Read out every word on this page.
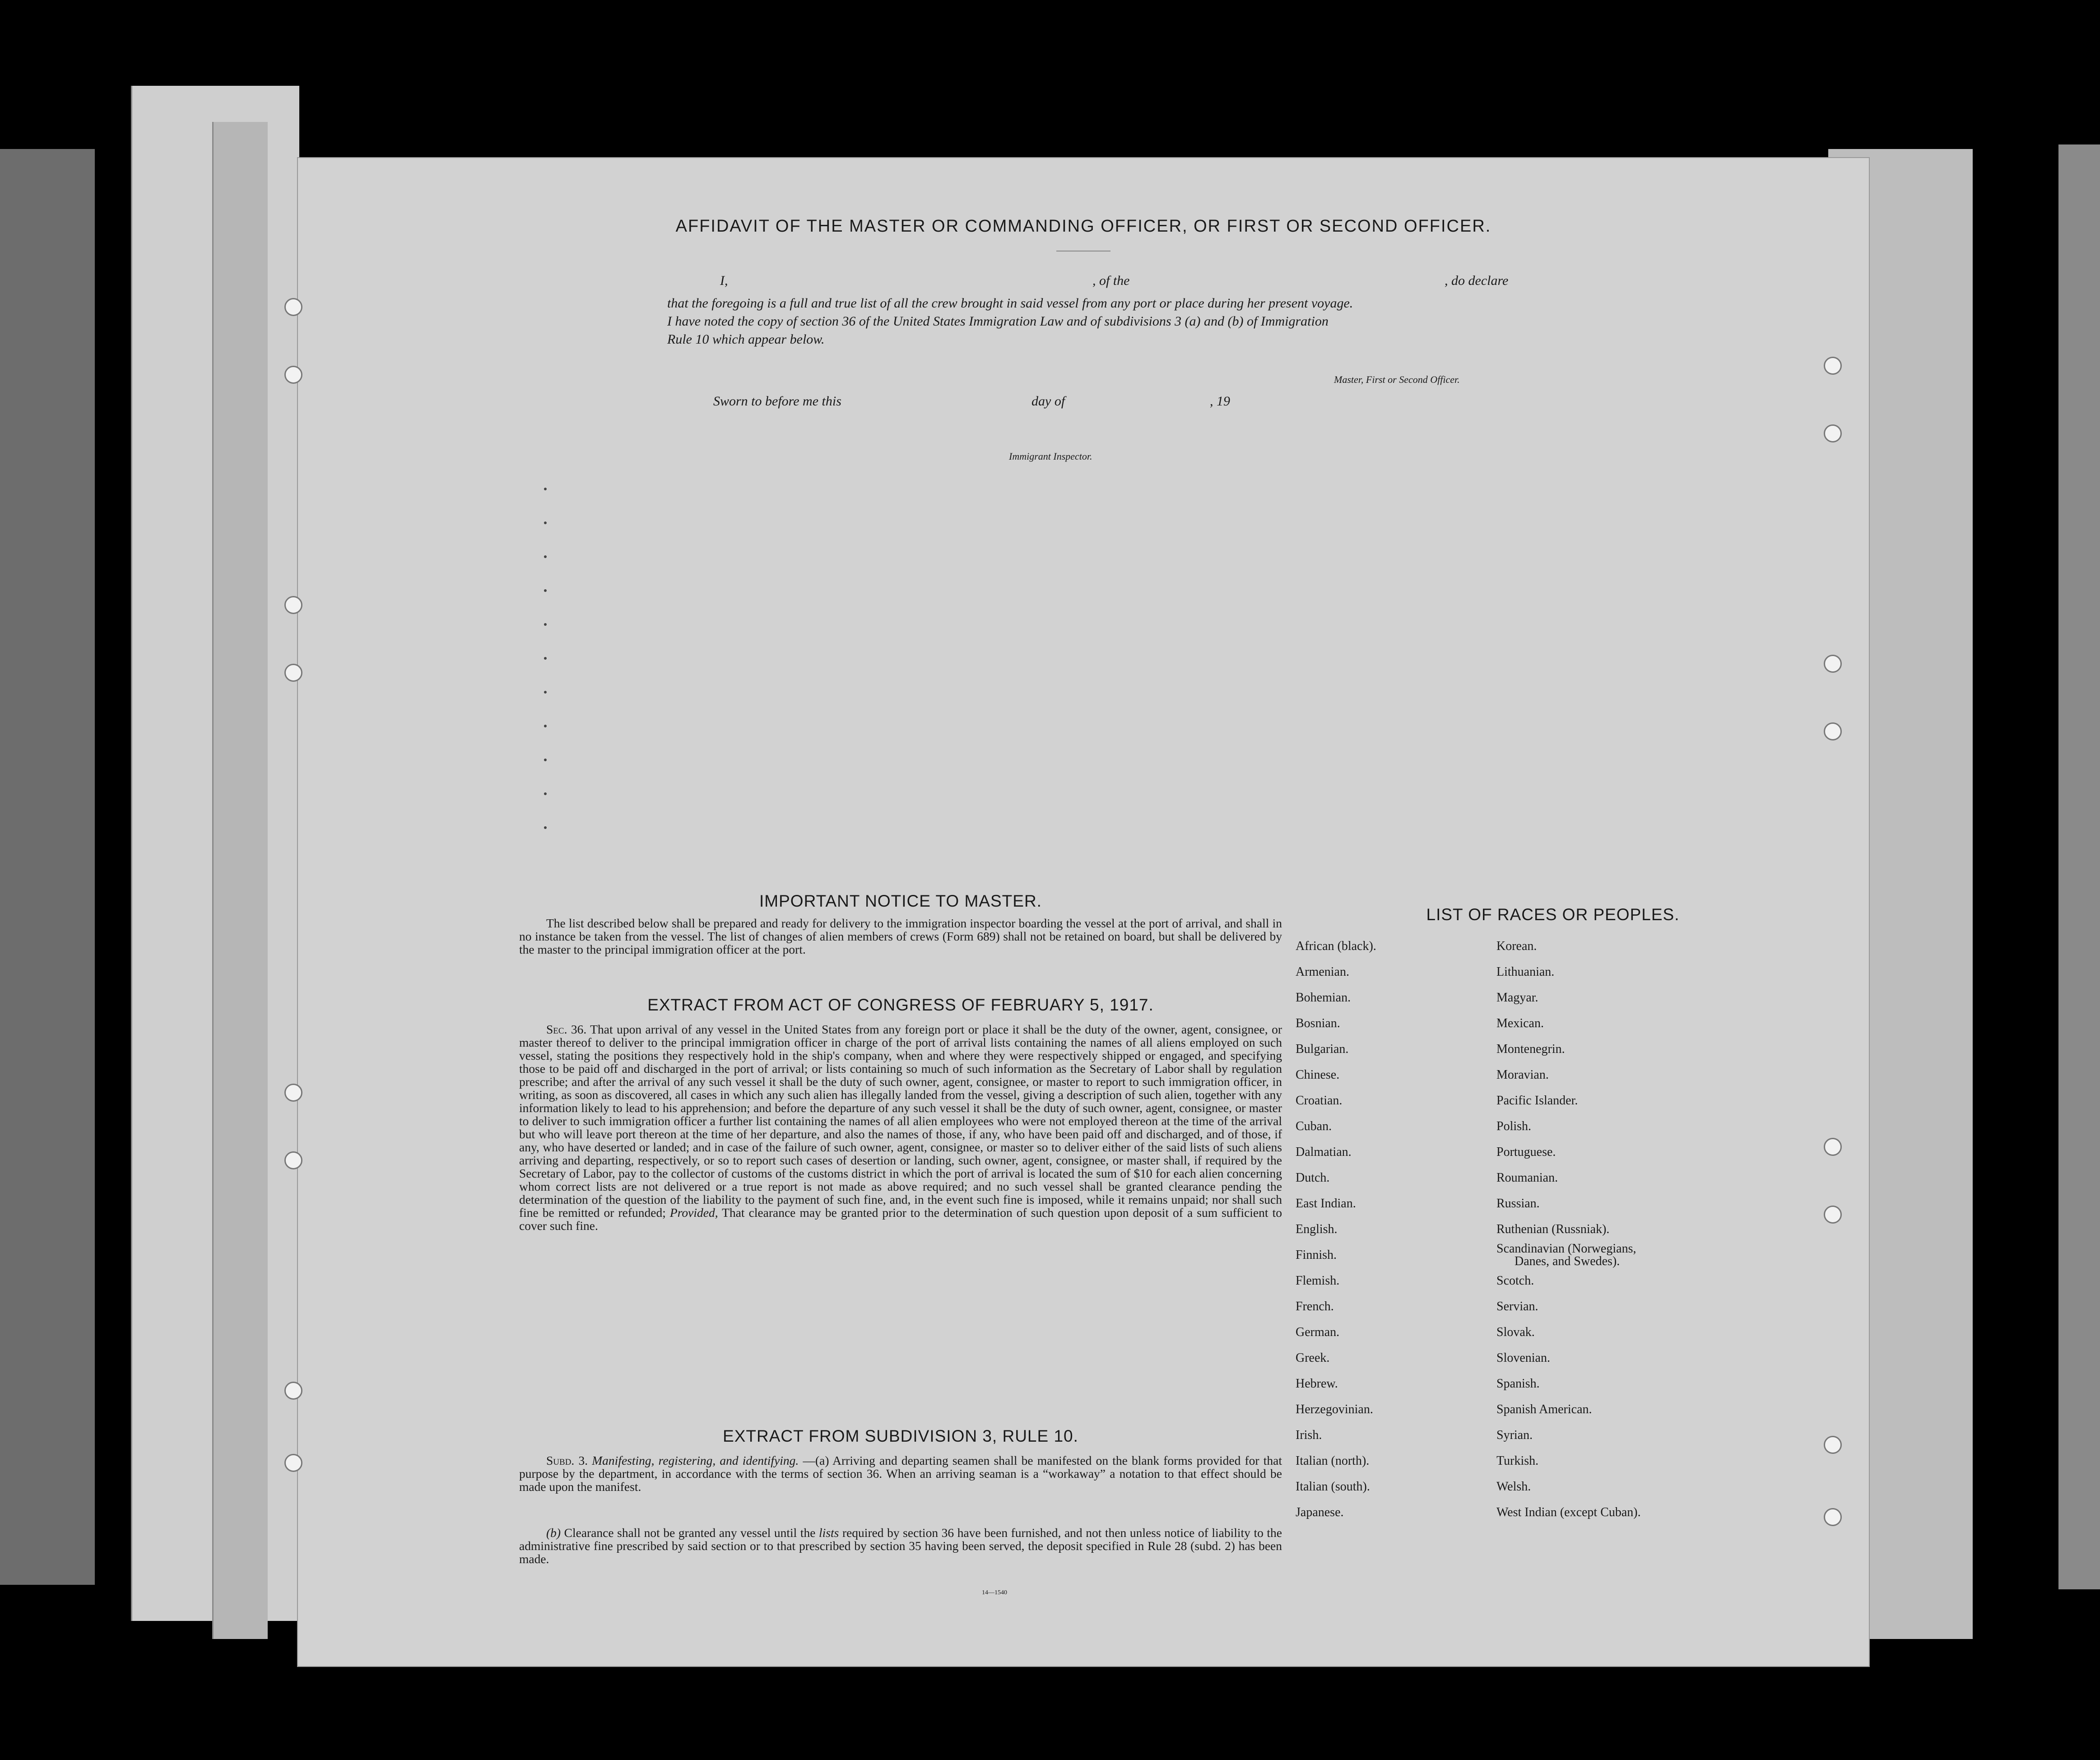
AFFIDAVIT OF THE MASTER OR COMMANDING OFFICER, OR FIRST OR SECOND OFFICER.
I,	, of the	, do declare
that the foregoing is a full and true list of all the crew brought in said vessel from any port or place during her present voyage.
I have noted the copy of section 36 of the United States Immigration Law and of subdivisions 3 (a) and (b) of Immigration
Rule 10 which appear below.
Master, First or Second Officer.
Sworn to before me this	day of	, 19
Immigrant Inspector.
IMPORTANT NOTICE TO MASTER.
The list described below shall be prepared and ready for delivery to the immigration inspector boarding the vessel at the port of arrival, and shall in no instance be taken from the vessel. The list of changes of alien members of crews (Form 689) shall not be retained on board, but shall be delivered by the master to the principal immigration officer at the port.
EXTRACT FROM ACT OF CONGRESS OF FEBRUARY 5, 1917.
Sec. 36. That upon arrival of any vessel in the United States from any foreign port or place it shall be the duty of the owner, agent, consignee, or master thereof to deliver to the principal immigration officer in charge of the port of arrival lists containing the names of all aliens employed on such vessel, stating the positions they respectively hold in the ship's company, when and where they were respectively shipped or engaged, and specifying those to be paid off and discharged in the port of arrival; or lists containing so much of such information as the Secretary of Labor shall by regulation prescribe; and after the arrival of any such vessel it shall be the duty of such owner, agent, consignee, or master to report to such immigration officer, in writing, as soon as discovered, all cases in which any such alien has illegally landed from the vessel, giving a description of such alien, together with any information likely to lead to his apprehension; and before the departure of any such vessel it shall be the duty of such owner, agent, consignee, or master to deliver to such immigration officer a further list containing the names of all alien employees who were not employed thereon at the time of the arrival but who will leave port thereon at the time of her departure, and also the names of those, if any, who have been paid off and discharged, and of those, if any, who have deserted or landed; and in case of the failure of such owner, agent, consignee, or master so to deliver either of the said lists of such aliens arriving and departing, respectively, or so to report such cases of desertion or landing, such owner, agent, consignee, or master shall, if required by the Secretary of Labor, pay to the collector of customs of the customs district in which the port of arrival is located the sum of $10 for each alien concerning whom correct lists are not delivered or a true report is not made as above required; and no such vessel shall be granted clearance pending the determination of the question of the liability to the payment of such fine, and, in the event such fine is imposed, while it remains unpaid; nor shall such fine be remitted or refunded; Provided, That clearance may be granted prior to the determination of such question upon deposit of a sum sufficient to cover such fine.
EXTRACT FROM SUBDIVISION 3, RULE 10.
Subd. 3. Manifesting, registering, and identifying. —(a) Arriving and departing seamen shall be manifested on the blank forms provided for that purpose by the department, in accordance with the terms of section 36. When an arriving seaman is a “workaway” a notation to that effect should be made upon the manifest.
(b) Clearance shall not be granted any vessel until the lists required by section 36 have been furnished, and not then unless notice of liability to the administrative fine prescribed by said section or to that prescribed by section 35 having been served, the deposit specified in Rule 28 (subd. 2) has been made.
14—1540
LIST OF RACES OR PEOPLES.
African (black).
Armenian.
Bohemian.
Bosnian.
Bulgarian.
Chinese.
Croatian.
Cuban.
Dalmatian.
Dutch.
East Indian.
English.
Finnish.
Flemish.
French.
German.
Greek.
Hebrew.
Herzegovinian.
Irish.
Italian (north).
Italian (south).
Japanese.
Korean.
Lithuanian.
Magyar.
Mexican.
Montenegrin.
Moravian.
Pacific Islander.
Polish.
Portuguese.
Roumanian.
Russian.
Ruthenian (Russniak).
Scandinavian (Norwegians,
Danes, and Swedes).
Scotch.
Servian.
Slovak.
Slovenian.
Spanish.
Spanish American.
Syrian.
Turkish.
Welsh.
West Indian (except Cuban).
